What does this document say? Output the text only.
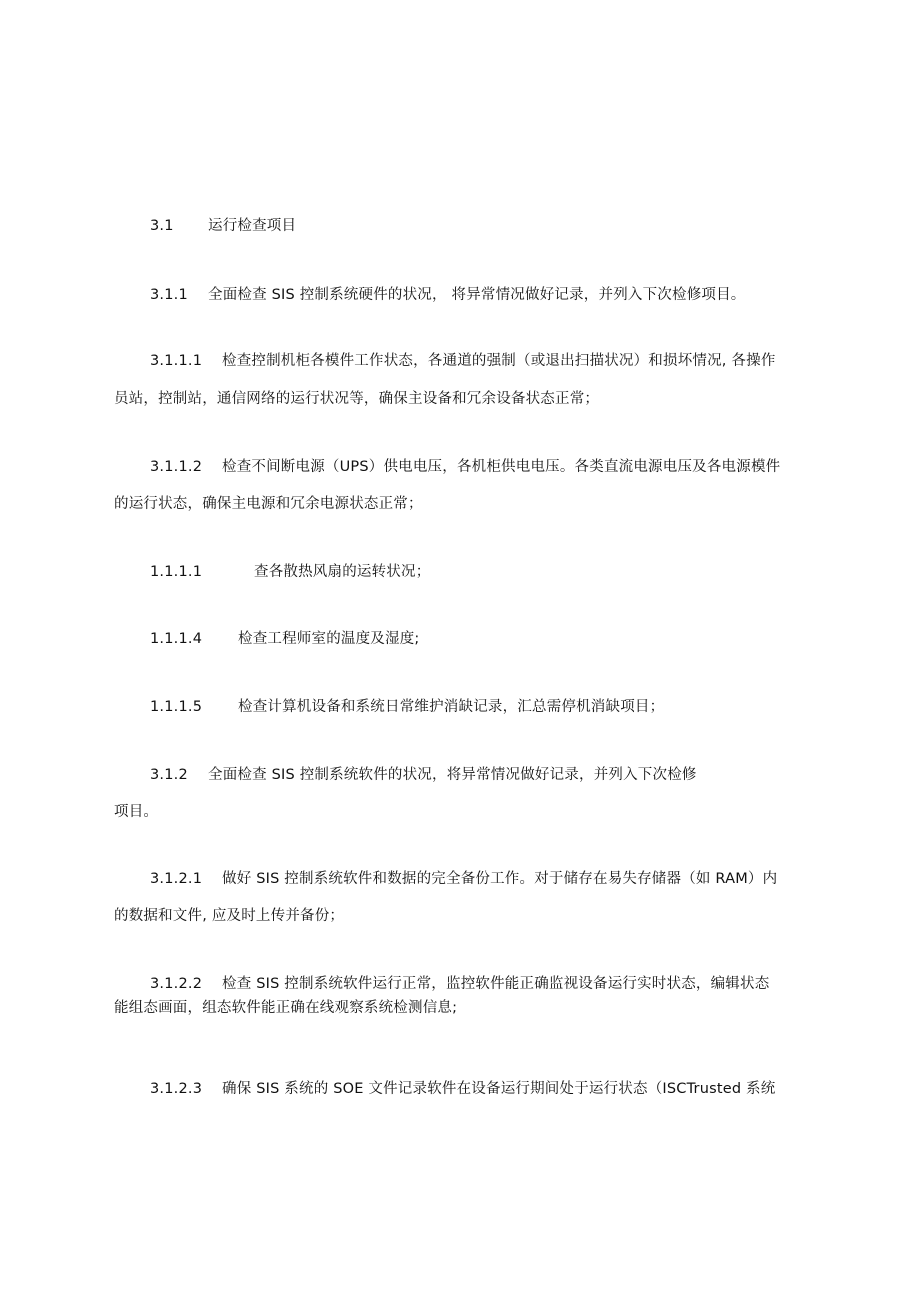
3.1 运行检查项目
3.1.1 全面检查 SIS 控制系统硬件的状况， 将异常情况做好记录，并列入下次检修项目。
3.1.1.1 检查控制机柜各模件工作状态，各通道的强制（或退出扫描状况）和损坏情况, 各操作
员站，控制站，通信网络的运行状况等，确保主设备和冗余设备状态正常；
3.1.1.2 检查不间断电源（UPS）供电电压，各机柜供电电压。各类直流电源电压及各电源模件
的运行状态，确保主电源和冗余电源状态正常；
1.1.1.1	查各散热风扇的运转状况；
1.1.1.4 检查工程师室的温度及湿度;
1.1.1.5 检查计算机设备和系统日常维护消缺记录，汇总需停机消缺项目；
3.1.2 全面检查 SIS 控制系统软件的状况，将异常情况做好记录，并列入下次检修
项目。
3.1.2.1 做好 SIS 控制系统软件和数据的完全备份工作。对于储存在易失存储器（如 RAM）内
的数据和文件, 应及时上传并备份；
3.1.2.2 检查 SIS 控制系统软件运行正常，监控软件能正确监视设备运行实时状态，编辑状态
能组态画面，组态软件能正确在线观察系统检测信息;
3.1.2.3 确保 SIS 系统的 SOE 文件记录软件在设备运行期间处于运行状态（ISCTrusted 系统
